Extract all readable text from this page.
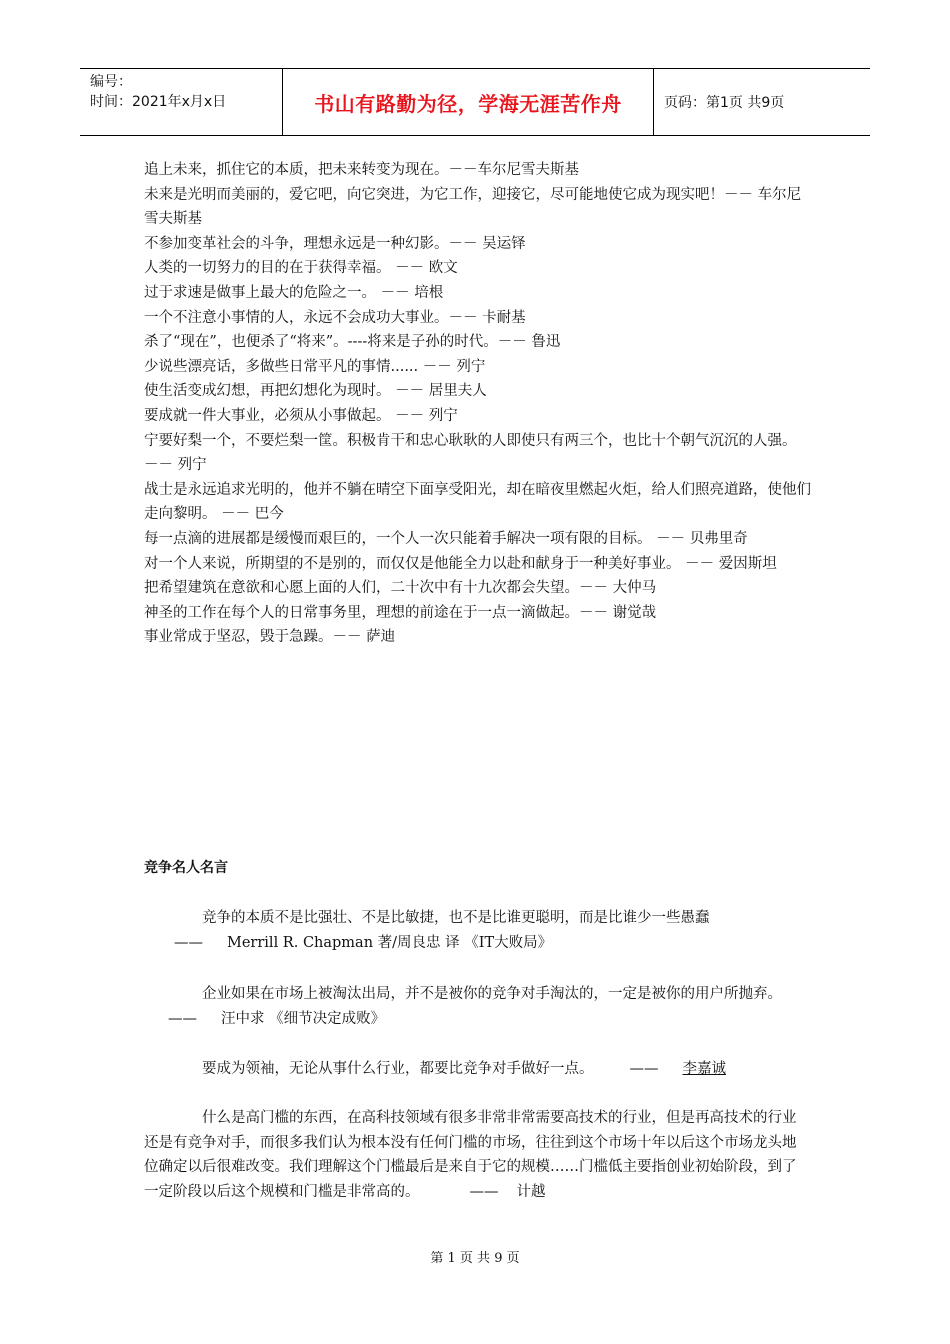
编号：
时间：2021年x月x日	书山有路勤为径，学海无涯苦作舟	页码：第1页 共9页

追上未来，抓住它的本质，把未来转变为现在。－－车尔尼雪夫斯基

未来是光明而美丽的，爱它吧，向它突进，为它工作，迎接它，尽可能地使它成为现实吧！－－ 车尔尼雪夫斯基

不参加变革社会的斗争，理想永远是一种幻影。－－ 吴运铎

人类的一切努力的目的在于获得幸福。 －－ 欧文

过于求速是做事上最大的危险之一。 －－ 培根

一个不注意小事情的人，永远不会成功大事业。－－ 卡耐基

杀了“现在”，也便杀了“将来”。----将来是子孙的时代。－－ 鲁迅

少说些漂亮话，多做些日常平凡的事情...... －－ 列宁

使生活变成幻想，再把幻想化为现时。 －－ 居里夫人

要成就一件大事业，必须从小事做起。 －－ 列宁

宁要好梨一个，不要烂梨一筐。积极肯干和忠心耿耿的人即使只有两三个，也比十个朝气沉沉的人强。 －－ 列宁

战士是永远追求光明的，他并不躺在晴空下面享受阳光，却在暗夜里燃起火炬，给人们照亮道路，使他们走向黎明。 －－ 巴今

每一点滴的进展都是缓慢而艰巨的，一个人一次只能着手解决一项有限的目标。 －－ 贝弗里奇

对一个人来说，所期望的不是别的，而仅仅是他能全力以赴和献身于一种美好事业。 －－ 爱因斯坦

把希望建筑在意欲和心愿上面的人们，二十次中有十九次都会失望。－－ 大仲马

神圣的工作在每个人的日常事务里，理想的前途在于一点一滴做起。－－ 谢觉哉

事业常成于坚忍，毁于急躁。－－ 萨迪

竞争名人名言
竞争的本质不是比强壮、不是比敏捷，也不是比谁更聪明，而是比谁少一些愚蠢
—— Merrill R. Chapman 著/周良忠 译 《IT大败局》
企业如果在市场上被淘汰出局，并不是被你的竞争对手淘汰的，一定是被你的用户所抛弃。 —— 汪中求 《细节决定成败》
要成为领袖，无论从事什么行业，都要比竞争对手做好一点。 —— 李嘉诚
什么是高门槛的东西，在高科技领域有很多非常非常需要高技术的行业，但是再高技术的行业还是有竞争对手，而很多我们认为根本没有任何门槛的市场，往往到这个市场十年以后这个市场龙头地位确定以后很难改变。我们理解这个门槛最后是来自于它的规模……门槛低主要指创业初始阶段，到了一定阶段以后这个规模和门槛是非常高的。	—— 计越
第 1 页 共 9 页
